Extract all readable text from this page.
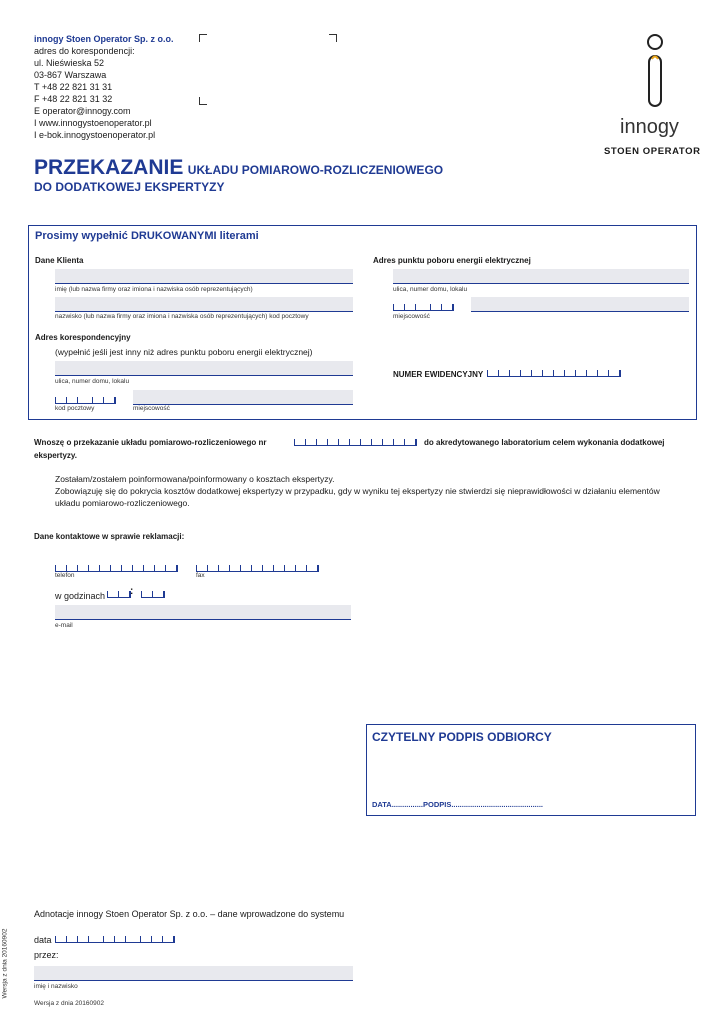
innogy Stoen Operator Sp. z o.o.
adres do korespondencji:
ul. Nieświeska 52
03-867 Warszawa
T +48 22 821 31 31
F +48 22 821 31 32
E operator@innogy.com
I www.innogystoenoperator.pl
I e-bok.innogystoenoperator.pl	innogy
STOEN OPERATOR
PRZEKAZANIE UKŁADU POMIAROWO-ROZLICZENIOWEGO
DO DODATKOWEJ EKSPERTYZY
Prosimy wypełnić DRUKOWANYMI literami
Dane Klienta
imię (lub nazwa firmy oraz imiona i nazwiska osób reprezentujących)
nazwisko (lub nazwa firmy oraz imiona i nazwiska osób reprezentujących) kod pocztowy
Adres punktu poboru energii elektrycznej
ulica, numer domu, lokalu
miejscowość
Adres korespondencyjny
(wypełnić jeśli jest inny niż adres punktu poboru energii elektrycznej)
ulica, numer domu, lokalu
kod pocztowy	miejscowość
NUMER EWIDENCYJNY
Wnoszę o przekazanie układu pomiarowo-rozliczeniowego nr	do akredytowanego laboratorium celem wykonania dodatkowej
ekspertyzy.
Zostałam/zostałem poinformowana/poinformowany o kosztach ekspertyzy.
Zobowiązuję się do pokrycia kosztów dodatkowej ekspertyzy w przypadku, gdy w wyniku tej ekspertyzy nie stwierdzi się nieprawidłowości w działaniu elementów
układu pomiarowo-rozliczeniowego.
Dane kontaktowe w sprawie reklamacji:
telefon	fax
w godzinach :
e-mail
CZYTELNY PODPIS ODBIORCY
DATA...............PODPIS............................................
Adnotacje innogy Stoen Operator Sp. z o.o. – dane wprowadzone do systemu
data
przez:
imię i nazwisko
Wersja z dnia 20160902
Wersja z dnia 20160902
